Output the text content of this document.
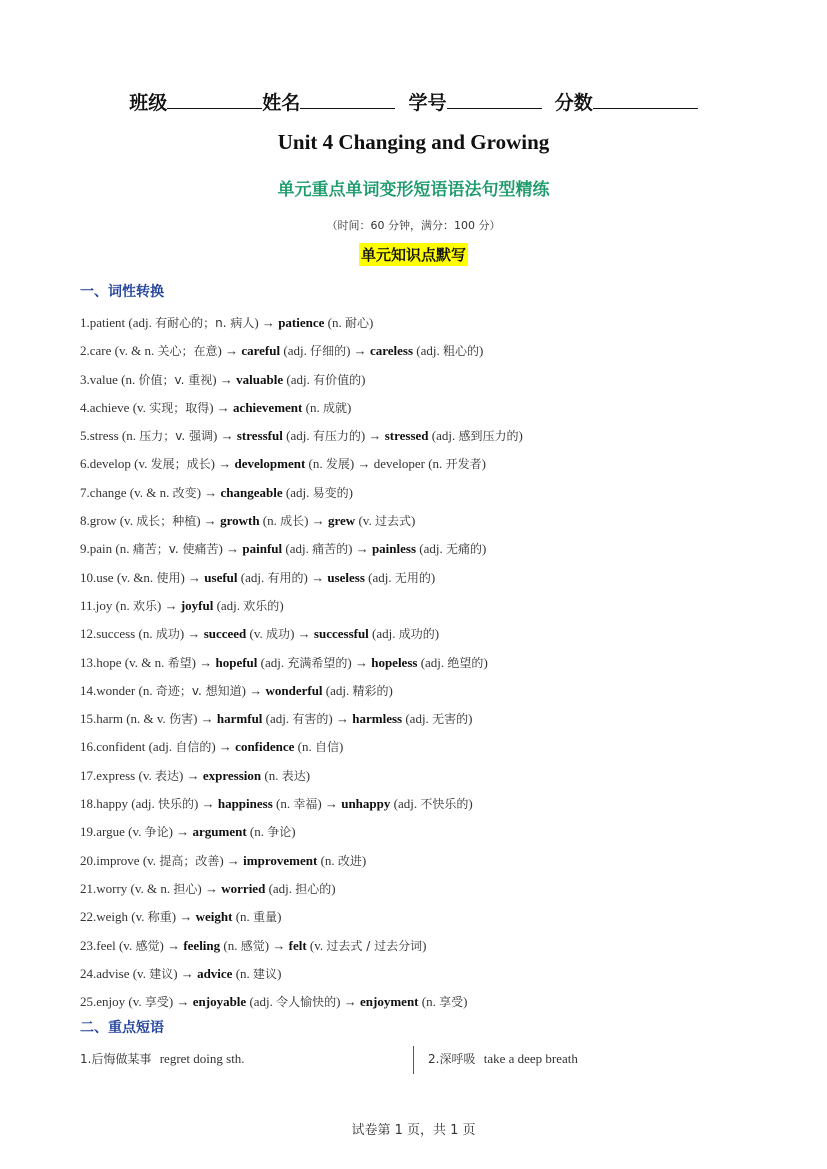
班级	姓名	学号	分数
Unit 4 Changing and Growing
单元重点单词变形短语语法句型精练
（时间：60 分钟，满分：100 分）
单元知识点默写
一、词性转换
1.patient (adj. 有耐心的；n. 病人) → patience (n. 耐心)
2.care (v. & n. 关心；在意) → careful (adj. 仔细的) → careless (adj. 粗心的)
3.value (n. 价值；v. 重视) → valuable (adj. 有价值的)
4.achieve (v. 实现；取得) → achievement (n. 成就)
5.stress (n. 压力；v. 强调) → stressful (adj. 有压力的) → stressed (adj. 感到压力的)
6.develop (v. 发展；成长) → development (n. 发展) → developer (n. 开发者)
7.change (v. & n. 改变) → changeable (adj. 易变的)
8.grow (v. 成长；种植) → growth (n. 成长) → grew (v. 过去式)
9.pain (n. 痛苦；v. 使痛苦) → painful (adj. 痛苦的) → painless (adj. 无痛的)
10.use (v. &n. 使用) → useful (adj. 有用的) → useless (adj. 无用的)
11.joy (n. 欢乐) → joyful (adj. 欢乐的)
12.success (n. 成功) → succeed (v. 成功) → successful (adj. 成功的)
13.hope (v. & n. 希望) → hopeful (adj. 充满希望的) → hopeless (adj. 绝望的)
14.wonder (n. 奇迹；v. 想知道) → wonderful (adj. 精彩的)
15.harm (n. & v. 伤害) → harmful (adj. 有害的) → harmless (adj. 无害的)
16.confident (adj. 自信的) → confidence (n. 自信)
17.express (v. 表达) → expression (n. 表达)
18.happy (adj. 快乐的) → happiness (n. 幸福) → unhappy (adj. 不快乐的)
19.argue (v. 争论) → argument (n. 争论)
20.improve (v. 提高；改善) → improvement (n. 改进)
21.worry (v. & n. 担心) → worried (adj. 担心的)
22.weigh (v. 称重) → weight (n. 重量)
23.feel (v. 感觉) → feeling (n. 感觉) → felt (v. 过去式 / 过去分词)
24.advise (v. 建议) → advice (n. 建议)
25.enjoy (v. 享受) → enjoyable (adj. 令人愉快的) → enjoyment (n. 享受)
二、重点短语
1.后悔做某事 regret doing sth.	2.深呼吸 take a deep breath
试卷第 1 页，共 1 页
